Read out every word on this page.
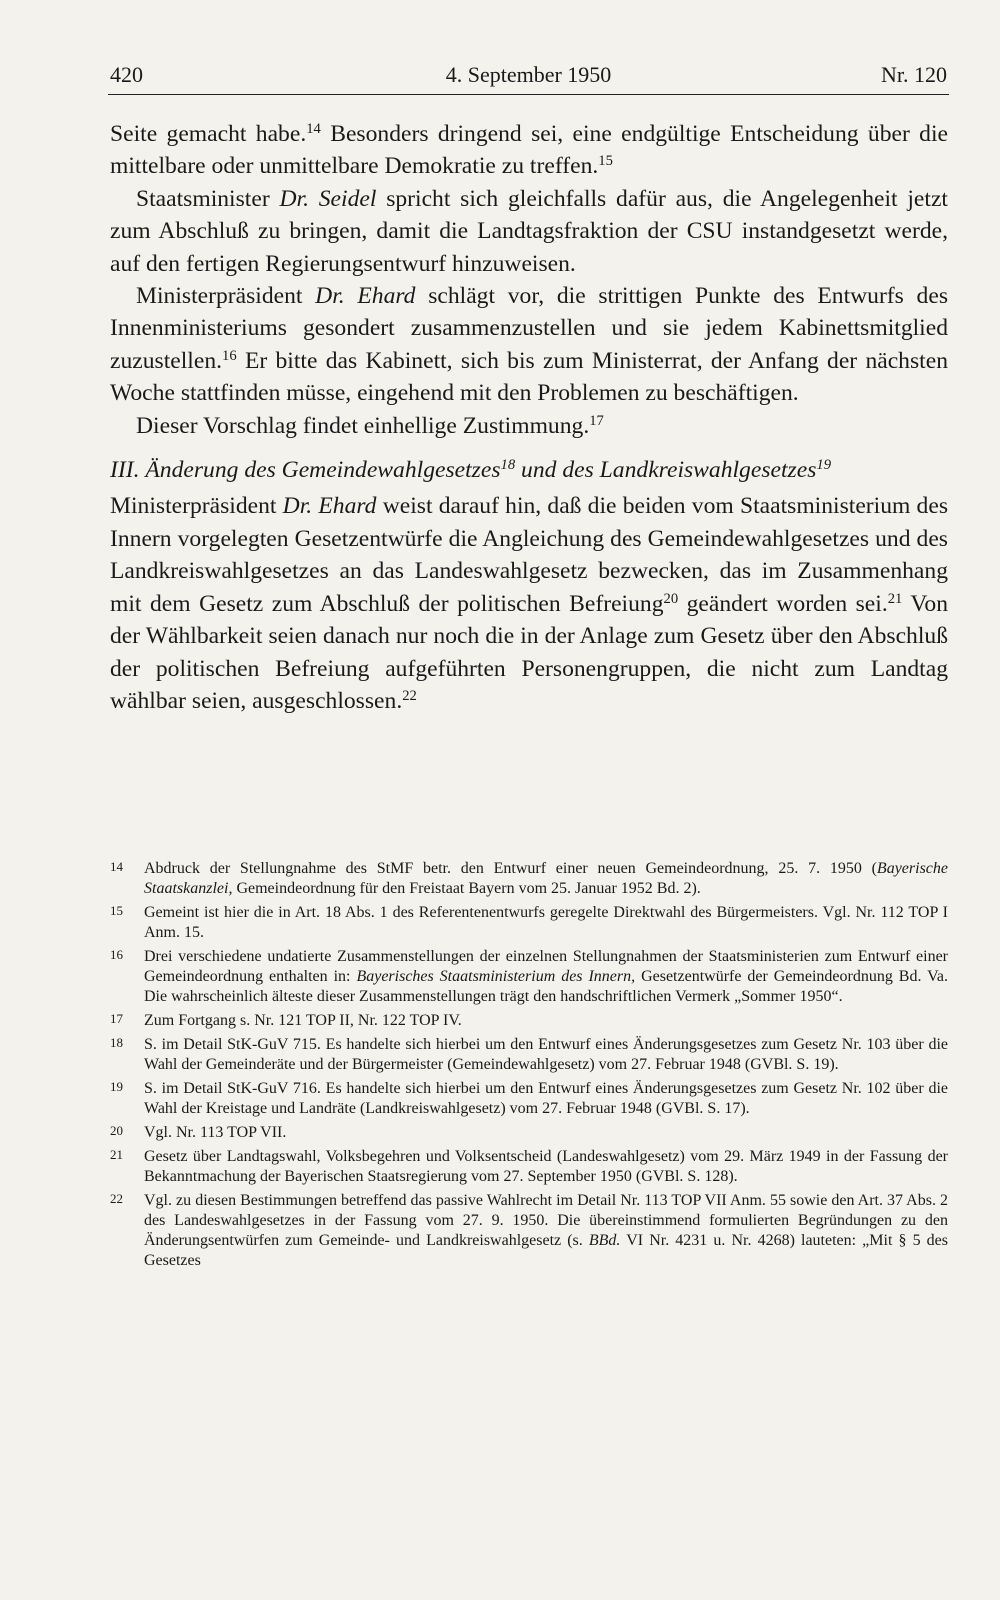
4. September 1950
420	Nr. 120

Seite gemacht habe.$^{14}$ Besonders dringend sei, eine endgültige Entscheidung über die mittelbare oder unmittelbare Demokratie zu treffen.$^{15}$

Staatsminister Dr. Seidel spricht sich gleichfalls dafür aus, die Angelegenheit jetzt zum Abschluß zu bringen, damit die Landtagsfraktion der CSU instandgesetzt werde, auf den fertigen Regierungsentwurf hinzuweisen.

Ministerpräsident Dr. Ehard schlägt vor, die strittigen Punkte des Entwurfs des Innenministeriums gesondert zusammenzustellen und sie jedem Kabinettsmitglied zuzustellen.$^{16}$ Er bitte das Kabinett, sich bis zum Ministerrat, der Anfang der nächsten Woche stattfinden müsse, eingehend mit den Problemen zu beschäftigen.

Dieser Vorschlag findet einhellige Zustimmung.$^{17}$

III. Änderung des Gemeindewahlgesetzes$^{18}$ und des Landkreiswahlgesetzes$^{19}$

Ministerpräsident Dr. Ehard weist darauf hin, daß die beiden vom Staatsministerium des Innern vorgelegten Gesetzentwürfe die Angleichung des Gemeindewahlgesetzes und des Landkreiswahlgesetzes an das Landeswahlgesetz bezwecken, das im Zusammenhang mit dem Gesetz zum Abschluß der politischen Befreiung$^{20}$ geändert worden sei.$^{21}$ Von der Wählbarkeit seien danach nur noch die in der Anlage zum Gesetz über den Abschluß der politischen Befreiung aufgeführten Personengruppen, die nicht zum Landtag wählbar seien, ausgeschlossen.$^{22}$

14 Abdruck der Stellungnahme des StMF betr. den Entwurf einer neuen Gemeindeordnung, 25. 7. 1950 (Bayerische Staatskanzlei, Gemeindeordnung für den Freistaat Bayern vom 25. Januar 1952 Bd. 2).
15 Gemeint ist hier die in Art. 18 Abs. 1 des Referentenentwurfs geregelte Direktwahl des Bürgermeisters. Vgl. Nr. 112 TOP I Anm. 15.
16 Drei verschiedene undatierte Zusammenstellungen der einzelnen Stellungnahmen der Staatsministerien zum Entwurf einer Gemeindeordnung enthalten in: Bayerisches Staatsministerium des Innern, Gesetzentwürfe der Gemeindeordnung Bd. Va. Die wahrscheinlich älteste dieser Zusammenstellungen trägt den handschriftlichen Vermerk „Sommer 1950“.
17 Zum Fortgang s. Nr. 121 TOP II, Nr. 122 TOP IV.
18 S. im Detail StK-GuV 715. Es handelte sich hierbei um den Entwurf eines Änderungsgesetzes zum Gesetz Nr. 103 über die Wahl der Gemeinderäte und der Bürgermeister (Gemeindewahlgesetz) vom 27. Februar 1948 (GVBl. S. 19).
19 S. im Detail StK-GuV 716. Es handelte sich hierbei um den Entwurf eines Änderungsgesetzes zum Gesetz Nr. 102 über die Wahl der Kreistage und Landräte (Landkreiswahlgesetz) vom 27. Februar 1948 (GVBl. S. 17).
20 Vgl. Nr. 113 TOP VII.
21 Gesetz über Landtagswahl, Volksbegehren und Volksentscheid (Landeswahlgesetz) vom 29. März 1949 in der Fassung der Bekanntmachung der Bayerischen Staatsregierung vom 27. September 1950 (GVBl. S. 128).
22 Vgl. zu diesen Bestimmungen betreffend das passive Wahlrecht im Detail Nr. 113 TOP VII Anm. 55 sowie den Art. 37 Abs. 2 des Landeswahlgesetzes in der Fassung vom 27. 9. 1950. Die übereinstimmend formulierten Begründungen zu den Änderungsentwürfen zum Gemeinde- und Landkreiswahlgesetz (s. BBd. VI Nr. 4231 u. Nr. 4268) lauteten: „Mit § 5 des Gesetzes
